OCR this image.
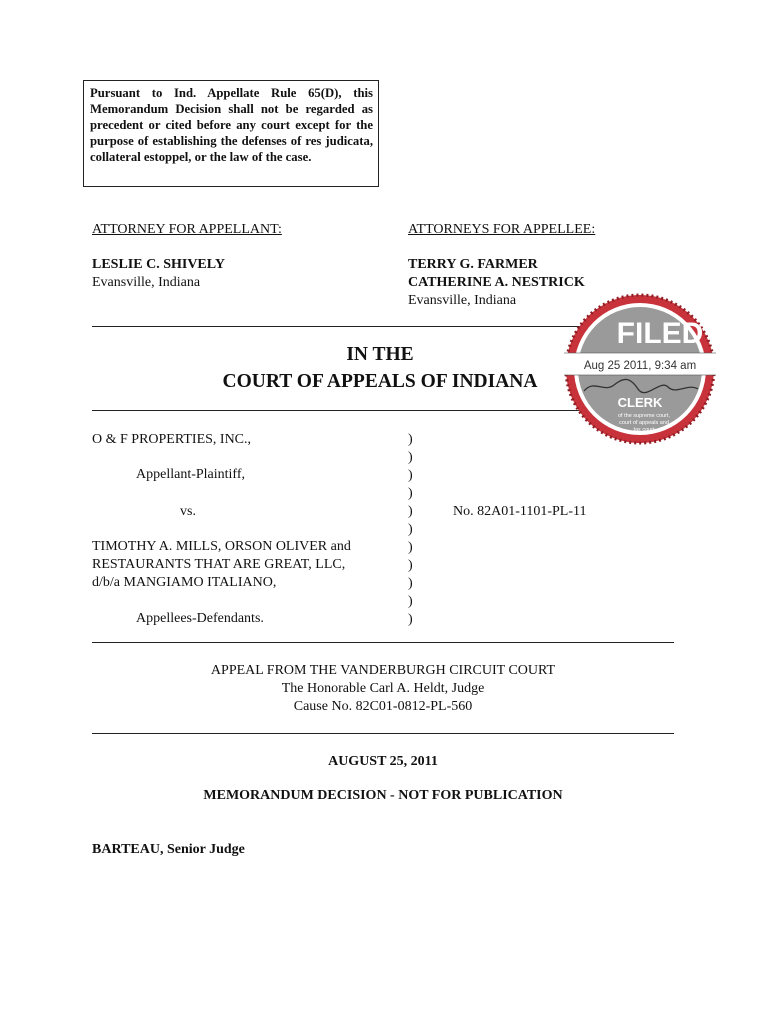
Pursuant to Ind. Appellate Rule 65(D), this Memorandum Decision shall not be regarded as precedent or cited before any court except for the purpose of establishing the defenses of res judicata, collateral estoppel, or the law of the case.
ATTORNEY FOR APPELLANT:
LESLIE C. SHIVELY
Evansville, Indiana
ATTORNEYS FOR APPELLEE:
TERRY G. FARMER
CATHERINE A. NESTRICK
Evansville, Indiana
IN THE
COURT OF APPEALS OF INDIANA
FILED
Aug 25 2011, 9:34 am
CLERK
of the supreme court,
court of appeals and
tax court
O & F PROPERTIES, INC.,
Appellant-Plaintiff,
vs.
TIMOTHY A. MILLS, ORSON OLIVER and
RESTAURANTS THAT ARE GREAT, LLC,
d/b/a MANGIAMO ITALIANO,
Appellees-Defendants.
No. 82A01-1101-PL-11
)
)
)
)
)
)
)
)
)
)
)
APPEAL FROM THE VANDERBURGH CIRCUIT COURT
The Honorable Carl A. Heldt, Judge
Cause No. 82C01-0812-PL-560
AUGUST 25, 2011
MEMORANDUM DECISION - NOT FOR PUBLICATION
BARTEAU, Senior Judge
